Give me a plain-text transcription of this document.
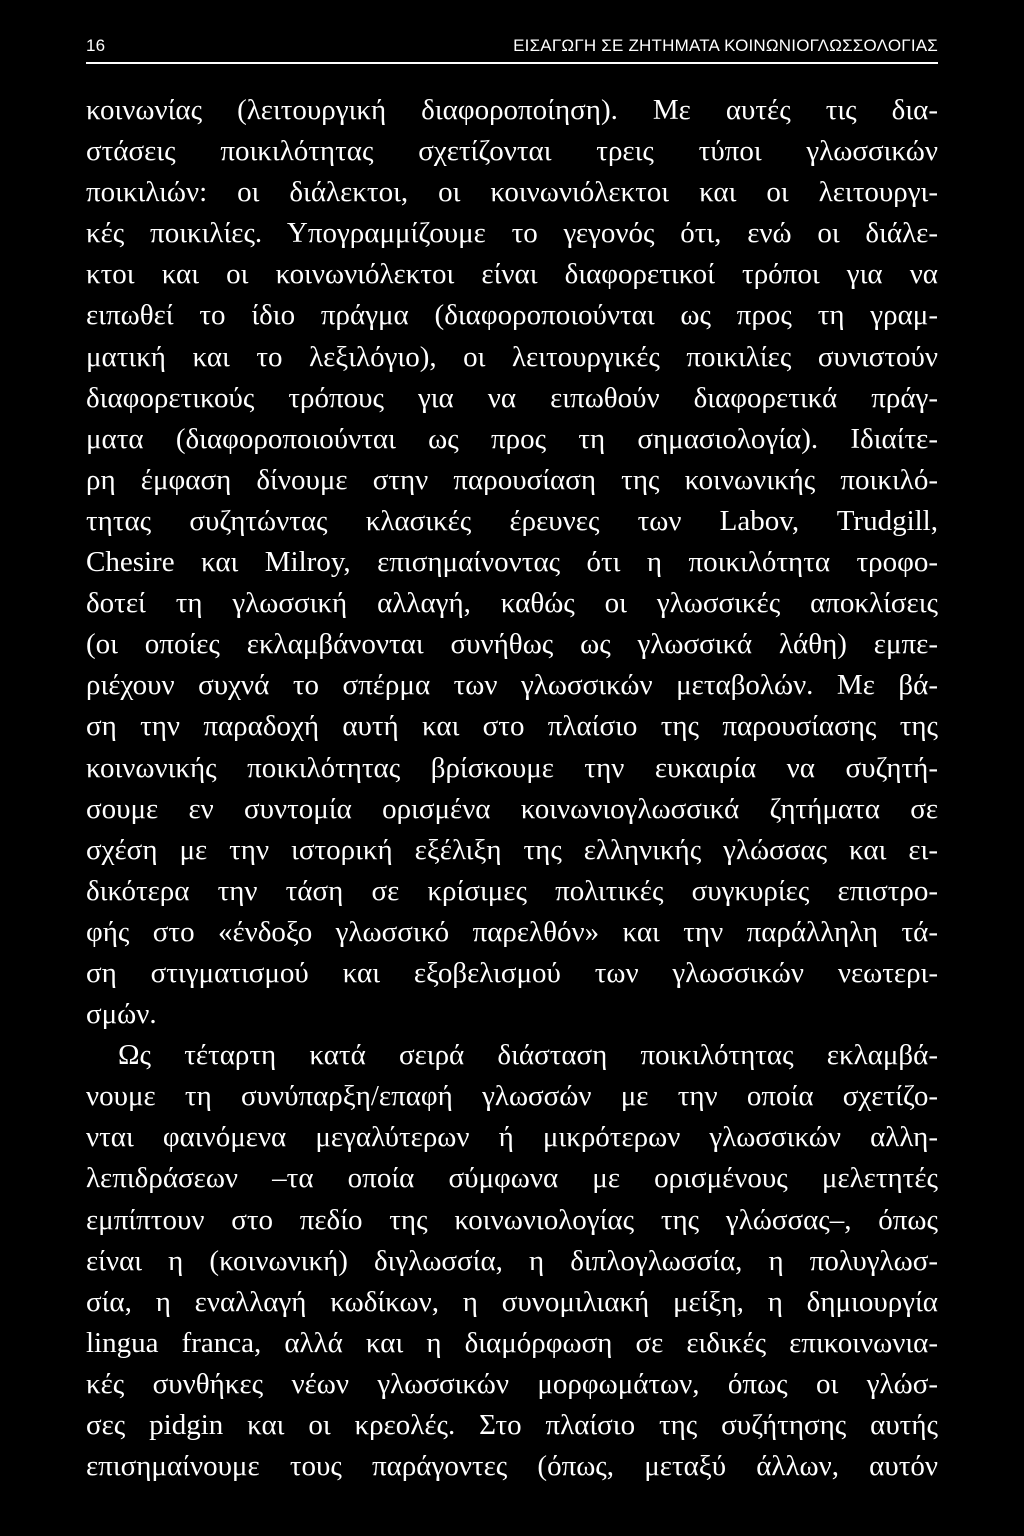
16	ΕΙΣΑΓΩΓΗ ΣΕ ΖΗΤΗΜΑΤΑ ΚΟΙΝΩΝΙΟΓΛΩΣΣΟΛΟΓΙΑΣ
κοινωνίας (λειτουργική διαφοροποίηση). Με αυτές τις δια-
στάσεις ποικιλότητας σχετίζονται τρεις τύποι γλωσσικών
ποικιλιών: οι διάλεκτοι, οι κοινωνιόλεκτοι και οι λειτουργι-
κές ποικιλίες. Υπογραμμίζουμε το γεγονός ότι, ενώ οι διάλε-
κτοι και οι κοινωνιόλεκτοι είναι διαφορετικοί τρόποι για να
ειπωθεί το ίδιο πράγμα (διαφοροποιούνται ως προς τη γραμ-
ματική και το λεξιλόγιο), οι λειτουργικές ποικιλίες συνιστούν
διαφορετικούς τρόπους για να ειπωθούν διαφορετικά πράγ-
ματα (διαφοροποιούνται ως προς τη σημασιολογία). Ιδιαίτε-
ρη έμφαση δίνουμε στην παρουσίαση της κοινωνικής ποικιλό-
τητας συζητώντας κλασικές έρευνες των Labov, Trudgill,
Chesire και Milroy, επισημαίνοντας ότι η ποικιλότητα τροφο-
δοτεί τη γλωσσική αλλαγή, καθώς οι γλωσσικές αποκλίσεις
(οι οποίες εκλαμβάνονται συνήθως ως γλωσσικά λάθη) εμπε-
ριέχουν συχνά το σπέρμα των γλωσσικών μεταβολών. Με βά-
ση την παραδοχή αυτή και στο πλαίσιο της παρουσίασης της
κοινωνικής ποικιλότητας βρίσκουμε την ευκαιρία να συζητή-
σουμε εν συντομία ορισμένα κοινωνιογλωσσικά ζητήματα σε
σχέση με την ιστορική εξέλιξη της ελληνικής γλώσσας και ει-
δικότερα την τάση σε κρίσιμες πολιτικές συγκυρίες επιστρο-
φής στο «ένδοξο γλωσσικό παρελθόν» και την παράλληλη τά-
ση στιγματισμού και εξοβελισμού των γλωσσικών νεωτερι-
σμών.
Ως τέταρτη κατά σειρά διάσταση ποικιλότητας εκλαμβά-
νουμε τη συνύπαρξη/επαφή γλωσσών με την οποία σχετίζο-
νται φαινόμενα μεγαλύτερων ή μικρότερων γλωσσικών αλλη-
λεπιδράσεων –τα οποία σύμφωνα με ορισμένους μελετητές
εμπίπτουν στο πεδίο της κοινωνιολογίας της γλώσσας–, όπως
είναι η (κοινωνική) διγλωσσία, η διπλογλωσσία, η πολυγλωσ-
σία, η εναλλαγή κωδίκων, η συνομιλιακή μείξη, η δημιουργία
lingua franca, αλλά και η διαμόρφωση σε ειδικές επικοινωνια-
κές συνθήκες νέων γλωσσικών μορφωμάτων, όπως οι γλώσ-
σες pidgin και οι κρεολές. Στο πλαίσιο της συζήτησης αυτής
επισημαίνουμε τους παράγοντες (όπως, μεταξύ άλλων, αυτόν
